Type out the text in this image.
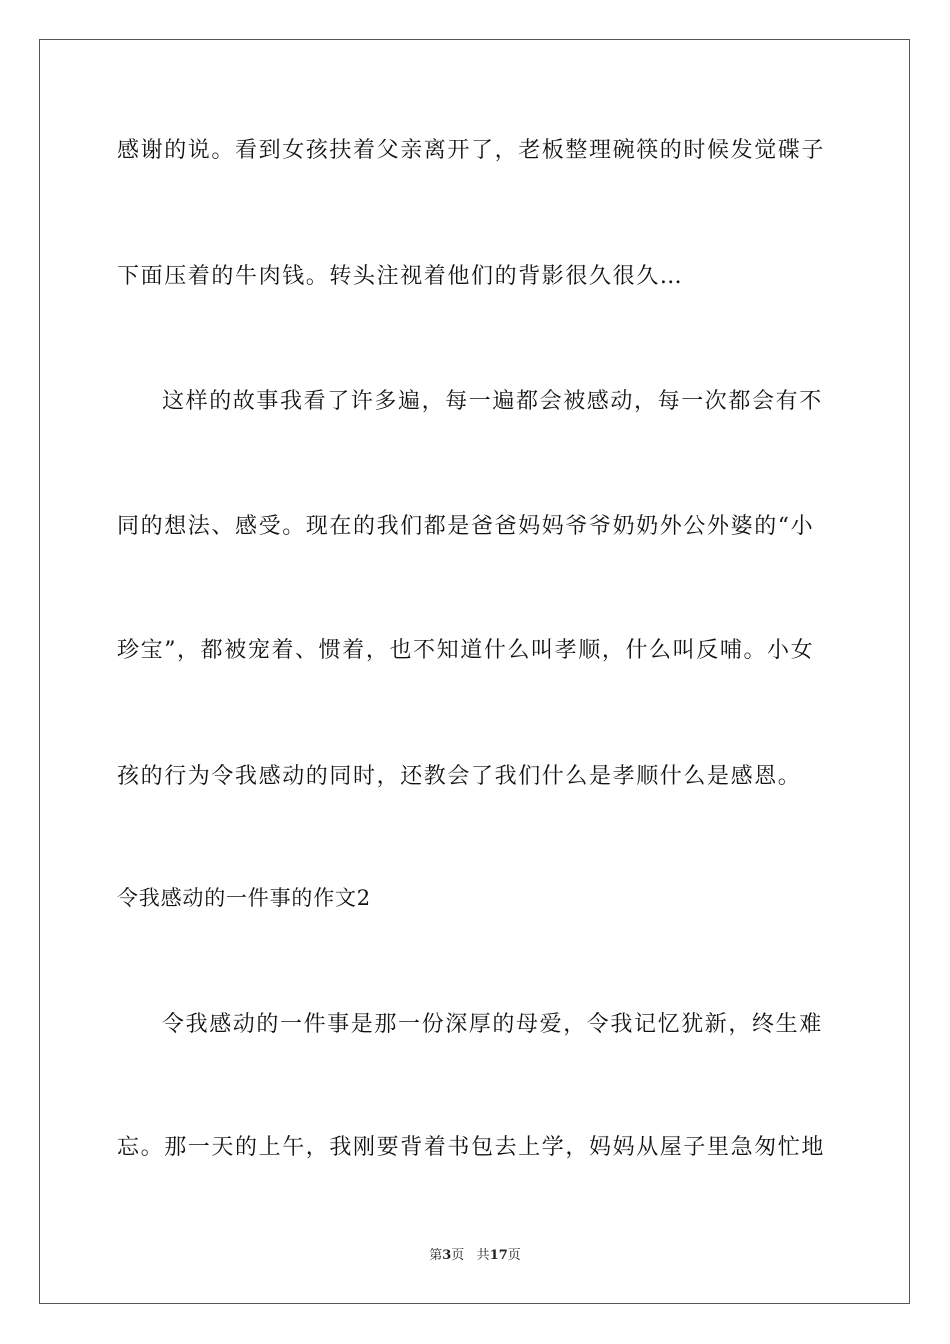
感谢的说。看到女孩扶着父亲离开了，老板整理碗筷的时候发觉碟子
下面压着的牛肉钱。转头注视着他们的背影很久很久…
这样的故事我看了许多遍，每一遍都会被感动，每一次都会有不
同的想法、感受。现在的我们都是爸爸妈妈爷爷奶奶外公外婆的“小
珍宝”，都被宠着、惯着，也不知道什么叫孝顺，什么叫反哺。小女
孩的行为令我感动的同时，还教会了我们什么是孝顺什么是感恩。
令我感动的一件事的作文2
令我感动的一件事是那一份深厚的母爱，令我记忆犹新，终生难
忘。那一天的上午，我刚要背着书包去上学，妈妈从屋子里急匆忙地
第3页 共17页
